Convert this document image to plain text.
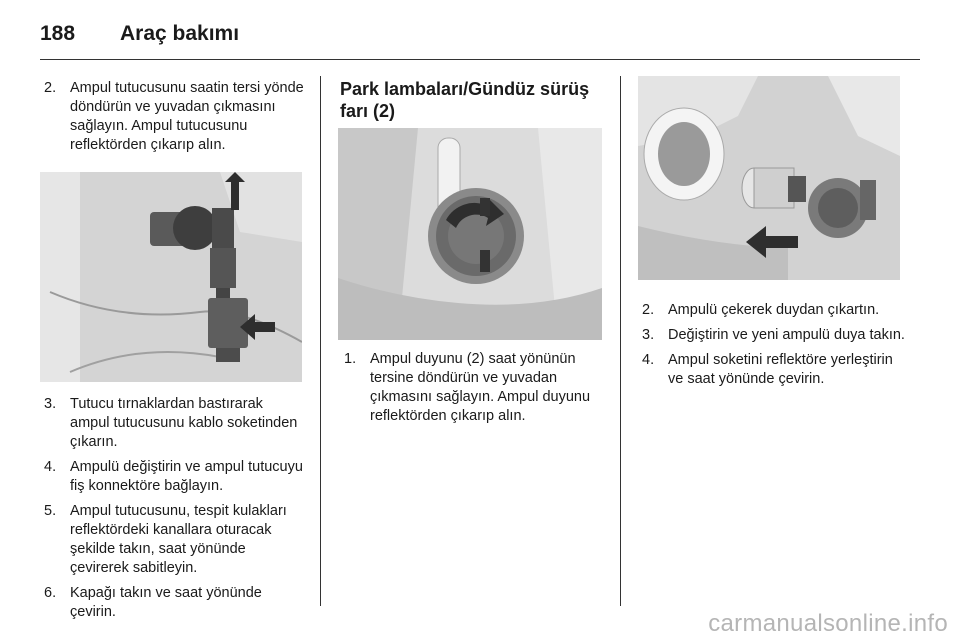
188 Araç bakımı
2. Ampul tutucusunu saatin tersi yönde döndürün ve yuvadan çıkmasını sağlayın. Ampul tutucusunu reflektörden çıkarıp alın.
3. Tutucu tırnaklardan bastırarak ampul tutucusunu kablo soketinden çıkarın.
4. Ampulü değiştirin ve ampul tutucuyu fiş konnektöre bağlayın.
5. Ampul tutucusunu, tespit kulakları reflektördeki kanallara oturacak şekilde takın, saat yönünde çevirerek sabitleyin.
6. Kapağı takın ve saat yönünde çevirin.
Park lambaları/Gündüz sürüş farı (2)
1. Ampul duyunu (2) saat yönünün tersine döndürün ve yuvadan çıkmasını sağlayın. Ampul duyunu reflektörden çıkarıp alın.
2. Ampulü çekerek duydan çıkartın.
3. Değiştirin ve yeni ampulü duya takın.
4. Ampul soketini reflektöre yerleştirin ve saat yönünde çevirin.
carmanualsonline.info
